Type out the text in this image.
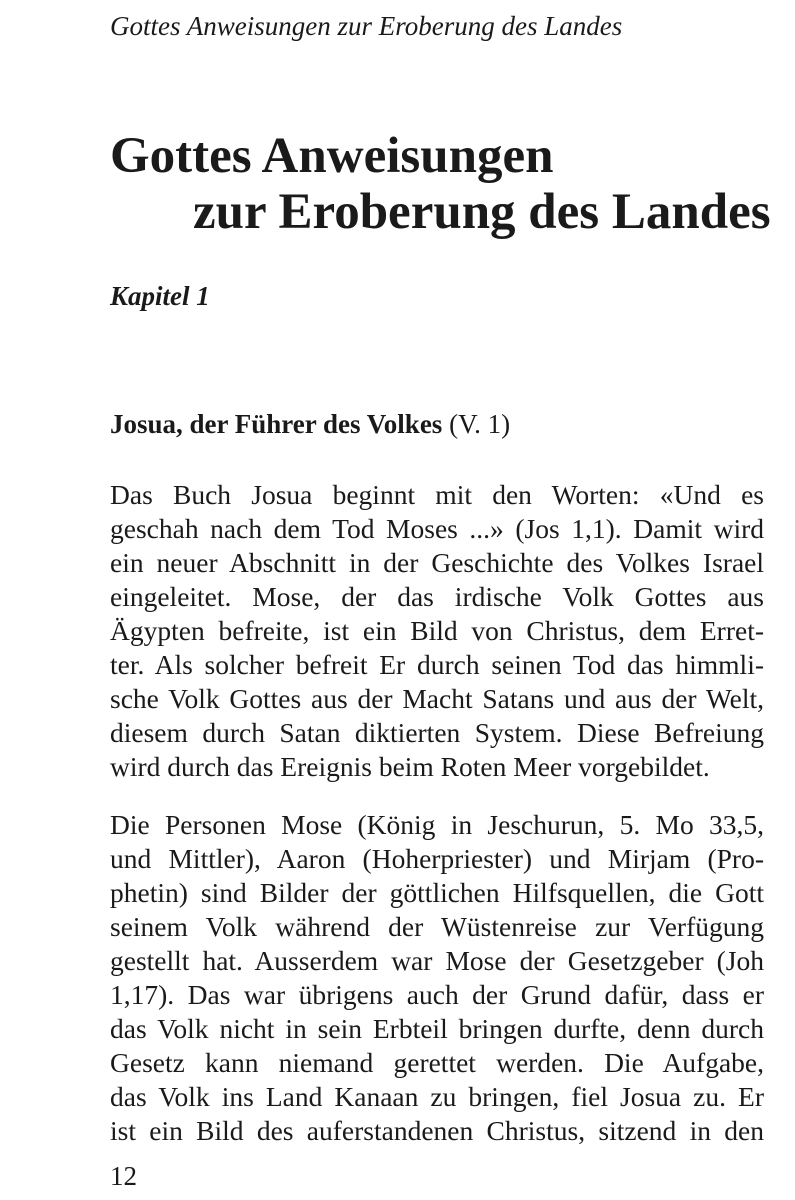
Gottes Anweisungen zur Eroberung des Landes
Gottes Anweisungen
zur Eroberung des Landes
Kapitel 1
Josua, der Führer des Volkes (V. 1)
Das Buch Josua beginnt mit den Worten: «Und es
geschah nach dem Tod Moses ...» (Jos 1,1). Damit wird
ein neuer Abschnitt in der Geschichte des Volkes Israel
eingeleitet. Mose, der das irdische Volk Gottes aus
Ägypten befreite, ist ein Bild von Christus, dem Erret-
ter. Als solcher befreit Er durch seinen Tod das himmli-
sche Volk Gottes aus der Macht Satans und aus der Welt,
diesem durch Satan diktierten System. Diese Befreiung
wird durch das Ereignis beim Roten Meer vorgebildet.
Die Personen Mose (König in Jeschurun, 5. Mo 33,5,
und Mittler), Aaron (Hoherpriester) und Mirjam (Pro-
phetin) sind Bilder der göttlichen Hilfsquellen, die Gott
seinem Volk während der Wüstenreise zur Verfügung
gestellt hat. Ausserdem war Mose der Gesetzgeber (Joh
1,17). Das war übrigens auch der Grund dafür, dass er
das Volk nicht in sein Erbteil bringen durfte, denn durch
Gesetz kann niemand gerettet werden. Die Aufgabe,
das Volk ins Land Kanaan zu bringen, fiel Josua zu. Er
ist ein Bild des auferstandenen Christus, sitzend in den
12
